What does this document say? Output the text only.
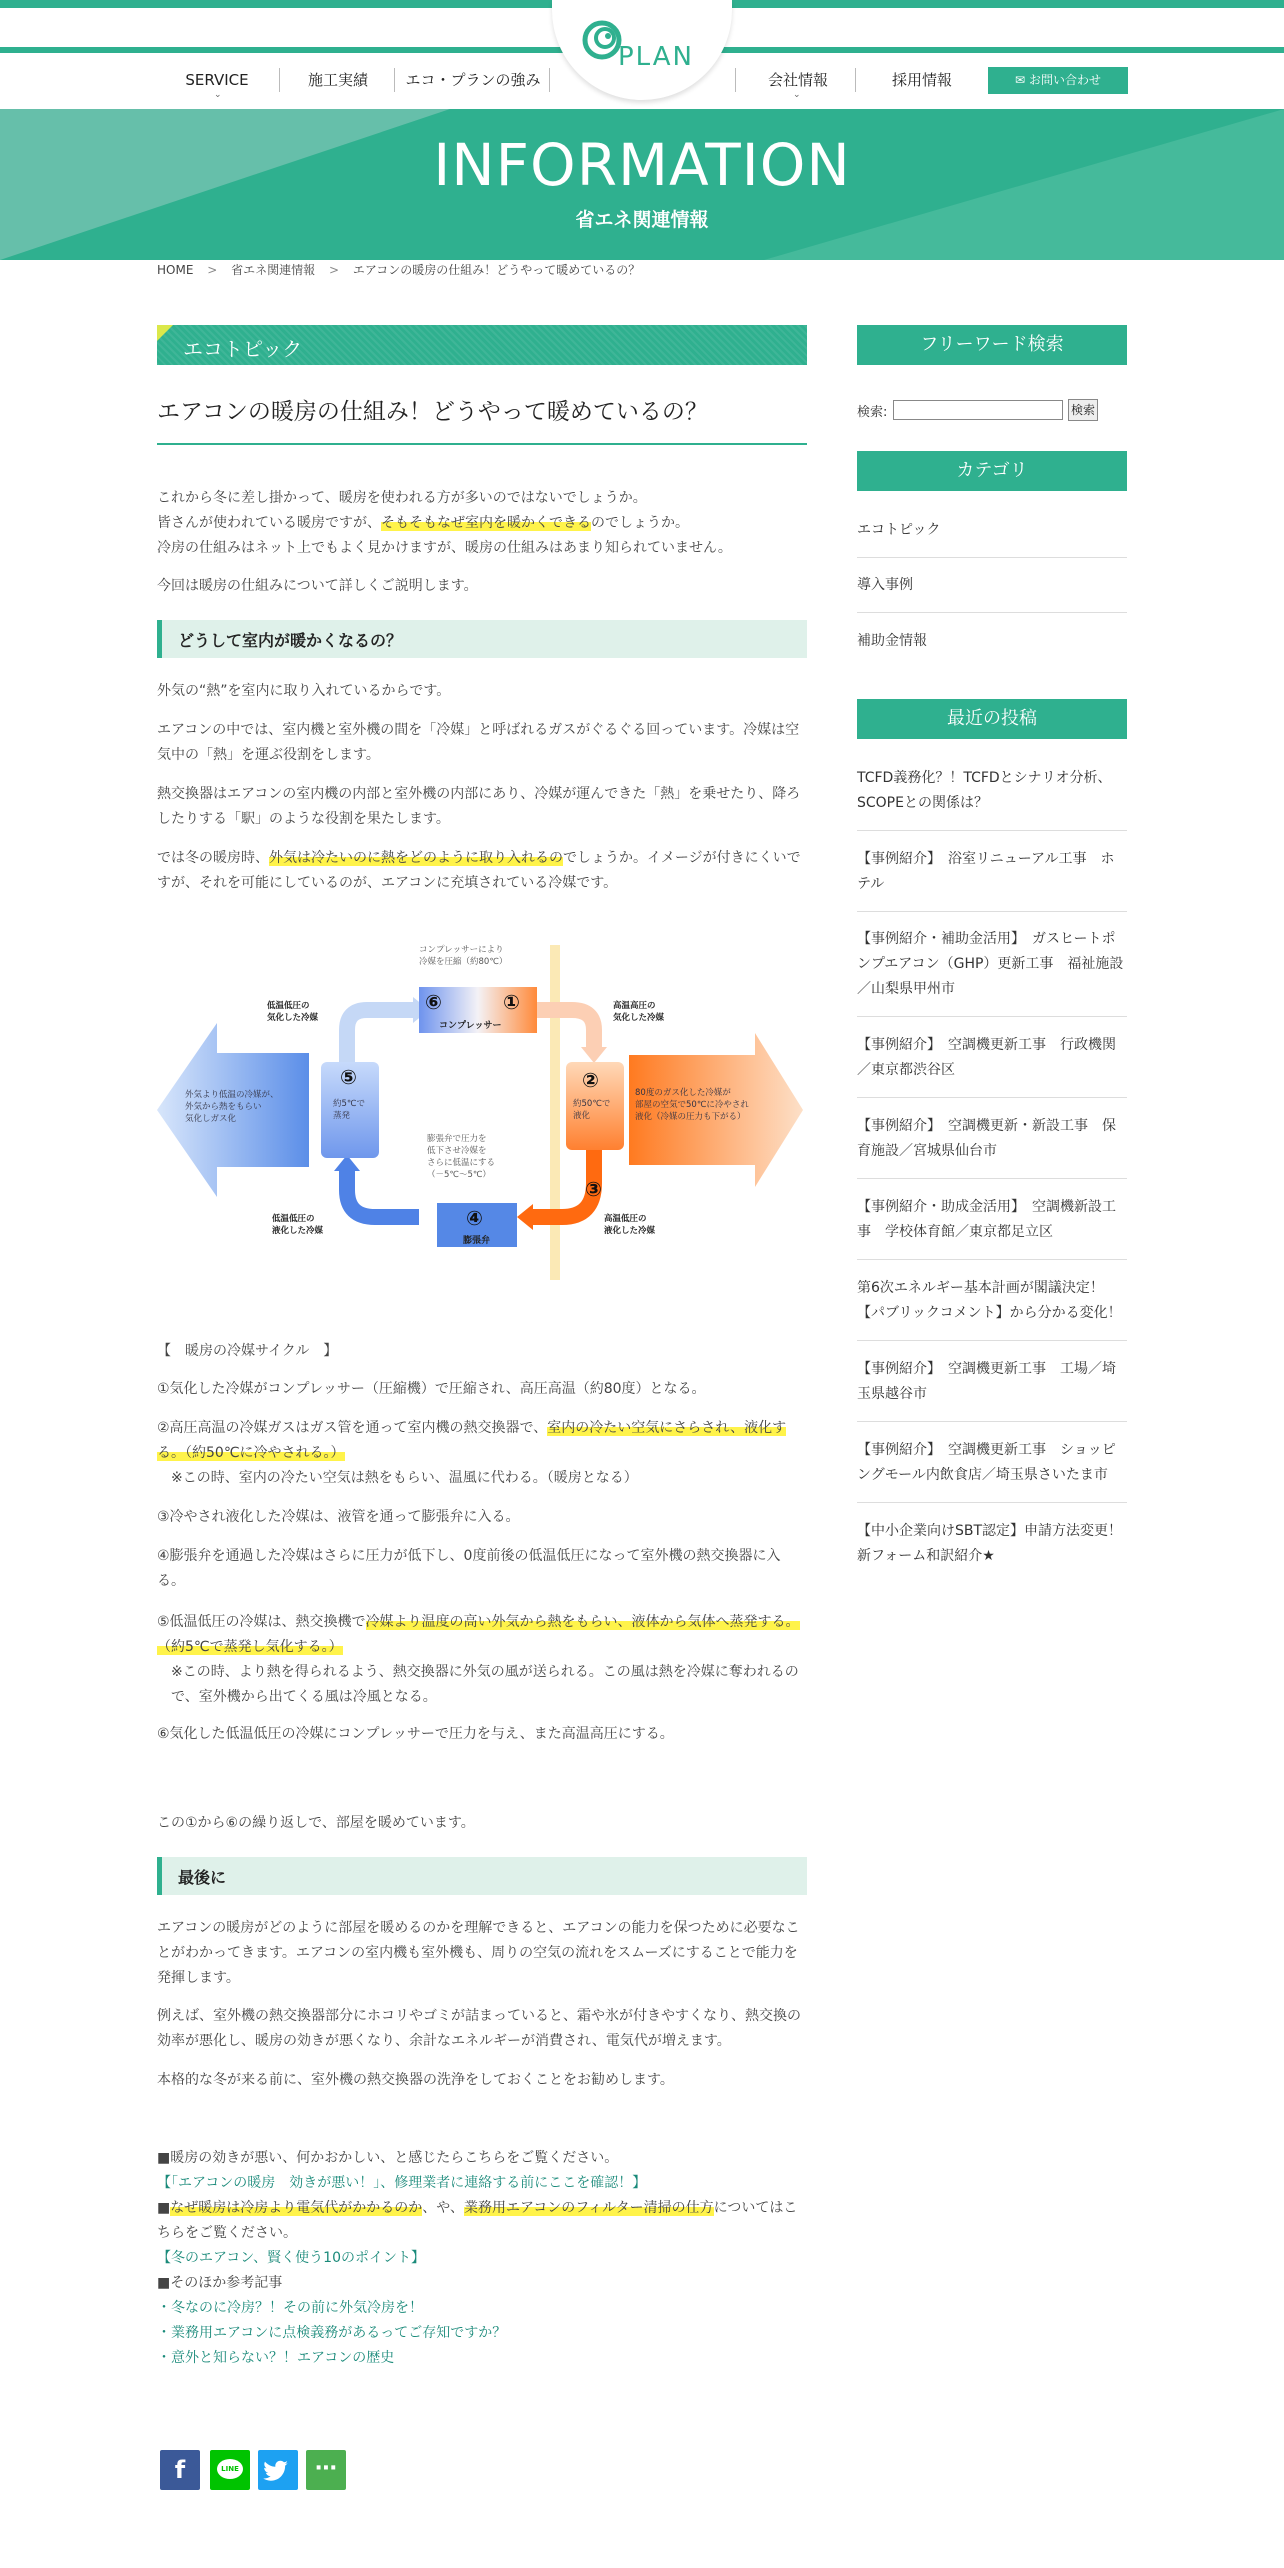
SERVICE
⌄
施工実績	エコ・プランの強み
PLAN
会社情報
⌄
採用情報	✉ お問い合わせ
INFORMATION
省エネ関連情報
HOME > 省エネ関連情報 > エアコンの暖房の仕組み！どうやって暖めているの？
エコトピック
エアコンの暖房の仕組み！どうやって暖めているの？
これから冬に差し掛かって、暖房を使われる方が多いのではないでしょうか。
皆さんが使われている暖房ですが、そもそもなぜ室内を暖かくできるのでしょうか。
冷房の仕組みはネット上でもよく見かけますが、暖房の仕組みはあまり知られていません。
今回は暖房の仕組みについて詳しくご説明します。
どうして室内が暖かくなるの？
外気の“熱”を室内に取り入れているからです。
エアコンの中では、室内機と室外機の間を「冷媒」と呼ばれるガスがぐるぐる回っています。冷媒は空気中の「熱」を運ぶ役割をします。
熱交換器はエアコンの室内機の内部と室外機の内部にあり、冷媒が運んできた「熱」を乗せたり、降ろしたりする「駅」のような役割を果たします。
では冬の暖房時、外気は冷たいのに熱をどのように取り入れるのでしょうか。イメージが付きにくいですが、それを可能にしているのが、エアコンに充填されている冷媒です。
⑥	①
②
③
④
⑤
コンプレッサー
膨張弁
コンプレッサーにより
冷媒を圧縮（約80℃）
膨張弁で圧力を
低下させ冷媒を
さらに低温にする
（－5℃〜5℃）
低温低圧の
気化した冷媒
高温高圧の
気化した冷媒
低温低圧の
液化した冷媒
高温低圧の
液化した冷媒
外気より低温の冷媒が、
外気から熱をもらい
気化しガス化
約5℃で
蒸発
約50℃で
液化
80度のガス化した冷媒が
部屋の空気で50℃に冷やされ
液化（冷媒の圧力も下がる）
【　暖房の冷媒サイクル　】
①気化した冷媒がコンプレッサー（圧縮機）で圧縮され、高圧高温（約80度）となる。
②高圧高温の冷媒ガスはガス管を通って室内機の熱交換器で、室内の冷たい空気にさらされ、液化する。（約50℃に冷やされる。）
※この時、室内の冷たい空気は熱をもらい、温風に代わる。（暖房となる）
③冷やされ液化した冷媒は、液管を通って膨張弁に入る。
④膨張弁を通過した冷媒はさらに圧力が低下し、0度前後の低温低圧になって室外機の熱交換器に入る。
⑤低温低圧の冷媒は、熱交換機で冷媒より温度の高い外気から熱をもらい、液体から気体へ蒸発する。（約5℃で蒸発し気化する。）
※この時、より熱を得られるよう、熱交換器に外気の風が送られる。この風は熱を冷媒に奪われるので、室外機から出てくる風は冷風となる。
⑥気化した低温低圧の冷媒にコンプレッサーで圧力を与え、また高温高圧にする。
この①から⑥の繰り返しで、部屋を暖めています。
最後に
エアコンの暖房がどのように部屋を暖めるのかを理解できると、エアコンの能力を保つために必要なことがわかってきます。エアコンの室内機も室外機も、周りの空気の流れをスムーズにすることで能力を発揮します。
例えば、室外機の熱交換器部分にホコリやゴミが詰まっていると、霜や氷が付きやすくなり、熱交換の効率が悪化し、暖房の効きが悪くなり、余計なエネルギーが消費され、電気代が増えます。
本格的な冬が来る前に、室外機の熱交換器の洗浄をしておくことをお勧めします。
■暖房の効きが悪い、何かおかしい、と感じたらこちらをご覧ください。
【「エアコンの暖房　効きが悪い！」、修理業者に連絡する前にここを確認！】
■なぜ暖房は冷房より電気代がかかるのか、や、業務用エアコンのフィルター清掃の仕方についてはこちらをご覧ください。
【冬のエアコン、賢く使う10のポイント】
■そのほか参考記事
・冬なのに冷房？！その前に外気冷房を！
・業務用エアコンに点検義務があるってご存知ですか？
・意外と知らない？！エアコンの歴史
f	LINE	⋯
フリーワード検索
検索:	検索
カテゴリ
エコトピック
導入事例
補助金情報
最近の投稿
TCFD義務化？！TCFDとシナリオ分析、
SCOPEとの関係は？
【事例紹介】　浴室リニューアル工事　ホ
テル
【事例紹介・補助金活用】　ガスヒートポ
ンプエアコン（GHP）更新工事　福祉施設
／山梨県甲州市
【事例紹介】　空調機更新工事　行政機関
／東京都渋谷区
【事例紹介】　空調機更新・新設工事　保
育施設／宮城県仙台市
【事例紹介・助成金活用】　空調機新設工
事　学校体育館／東京都足立区
第6次エネルギー基本計画が閣議決定！
【パブリックコメント】から分かる変化！
【事例紹介】　空調機更新工事　工場／埼
玉県越谷市
【事例紹介】　空調機更新工事　ショッピ
ングモール内飲食店／埼玉県さいたま市
【中小企業向けSBT認定】申請方法変更！
新フォーム和訳紹介★
